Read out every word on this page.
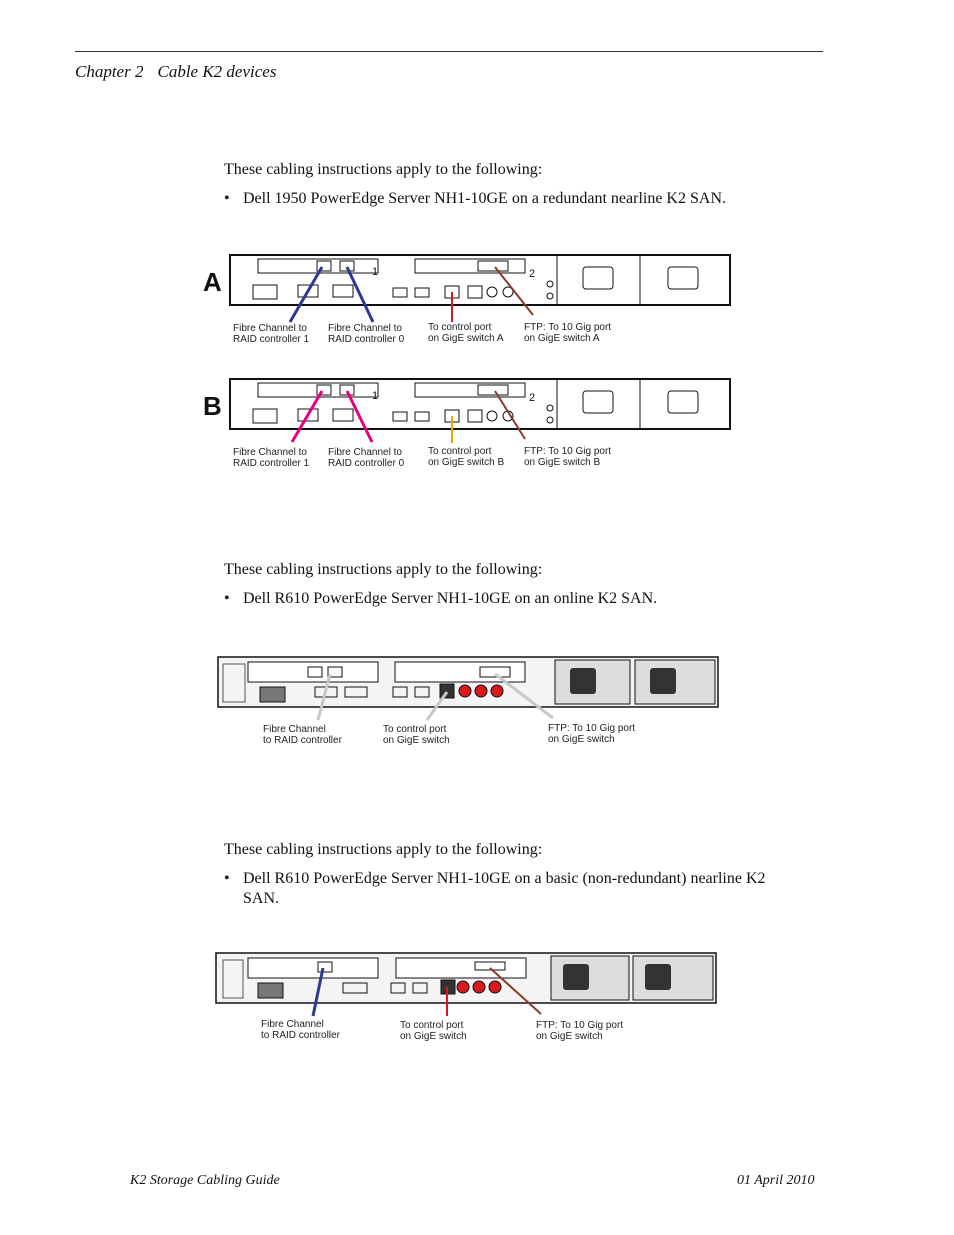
Chapter 2 Cable K2 devices
These cabling instructions apply to the following:
• Dell 1950 PowerEdge Server NH1-10GE on a redundant nearline K2 SAN.
A	1	2
Fibre Channel to RAID controller 1
Fibre Channel to RAID controller 0
To control port on GigE switch A
FTP: To 10 Gig port on GigE switch A
B	1	2
Fibre Channel to RAID controller 1
Fibre Channel to RAID controller 0
To control port on GigE switch B
FTP: To 10 Gig port on GigE switch B
These cabling instructions apply to the following:
• Dell R610 PowerEdge Server NH1-10GE on an online K2 SAN.
Fibre Channel to RAID controller
To control port on GigE switch
FTP: To 10 Gig port on GigE switch
These cabling instructions apply to the following:
• Dell R610 PowerEdge Server NH1-10GE on a basic (non-redundant) nearline K2 SAN.
Fibre Channel to RAID controller
To control port on GigE switch
FTP: To 10 Gig port on GigE switch
K2 Storage Cabling Guide	01 April 2010
